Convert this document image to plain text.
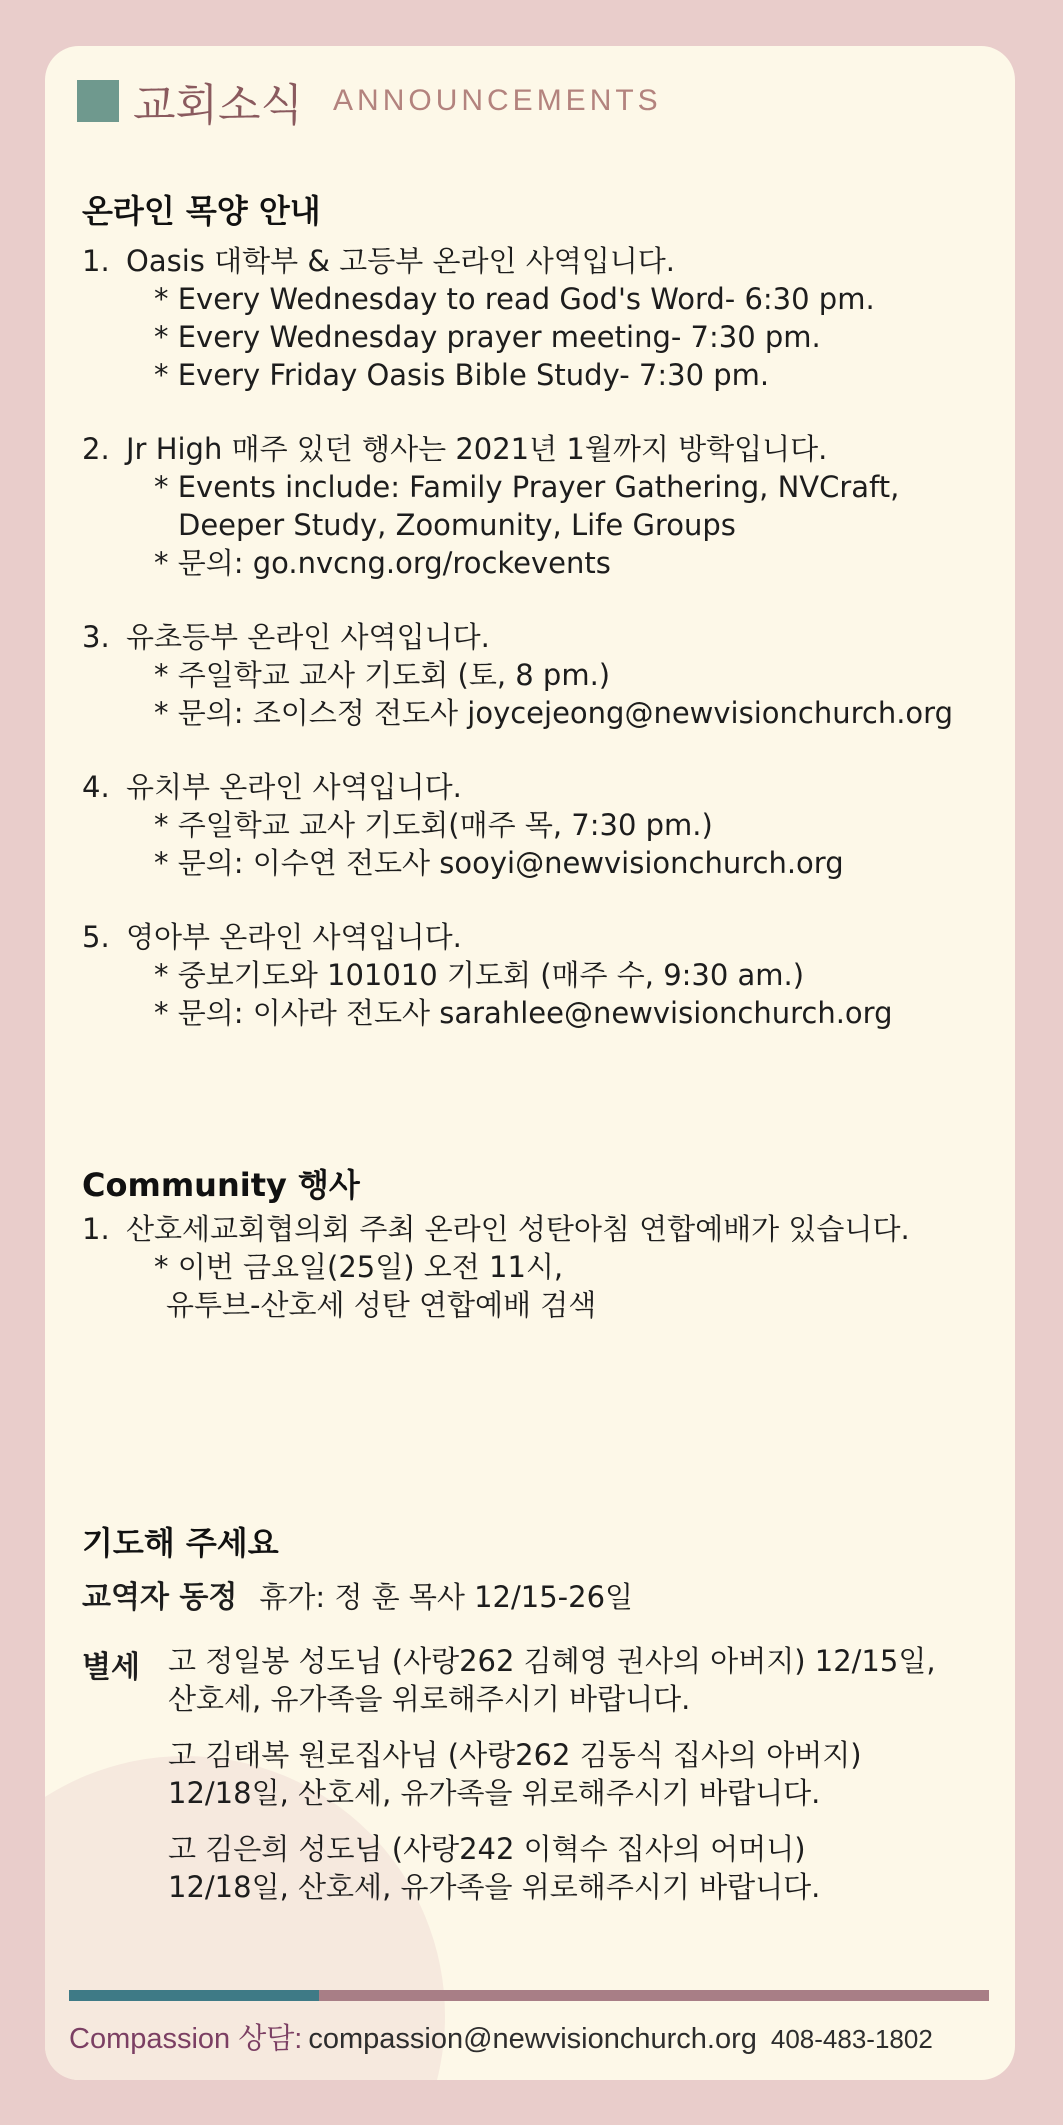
교회소식 ANNOUNCEMENTS
온라인 목양 안내
1. Oasis 대학부 & 고등부 온라인 사역입니다.
* Every Wednesday to read God's Word- 6:30 pm.
* Every Wednesday prayer meeting- 7:30 pm.
* Every Friday Oasis Bible Study- 7:30 pm.
2. Jr High 매주 있던 행사는 2021년 1월까지 방학입니다.
* Events include: Family Prayer Gathering, NVCraft,
Deeper Study, Zoomunity, Life Groups
* 문의: go.nvcng.org/rockevents
3. 유초등부 온라인 사역입니다.
* 주일학교 교사 기도회 (토, 8 pm.)
* 문의: 조이스정 전도사 joycejeong@newvisionchurch.org
4. 유치부 온라인 사역입니다.
* 주일학교 교사 기도회(매주 목, 7:30 pm.)
* 문의: 이수연 전도사 sooyi@newvisionchurch.org
5. 영아부 온라인 사역입니다.
* 중보기도와 101010 기도회 (매주 수, 9:30 am.)
* 문의: 이사라 전도사 sarahlee@newvisionchurch.org
Community 행사
1. 산호세교회협의회 주최 온라인 성탄아침 연합예배가 있습니다.
* 이번 금요일(25일) 오전 11시,
유투브-산호세 성탄 연합예배 검색
기도해 주세요
교역자 동정 휴가: 정 훈 목사 12/15-26일
별세 고 정일봉 성도님 (사랑262 김혜영 권사의 아버지) 12/15일,
산호세, 유가족을 위로해주시기 바랍니다.
고 김태복 원로집사님 (사랑262 김동식 집사의 아버지)
12/18일, 산호세, 유가족을 위로해주시기 바랍니다.
고 김은희 성도님 (사랑242 이혁수 집사의 어머니)
12/18일, 산호세, 유가족을 위로해주시기 바랍니다.
Compassion 상담: compassion@newvisionchurch.org 408-483-1802
